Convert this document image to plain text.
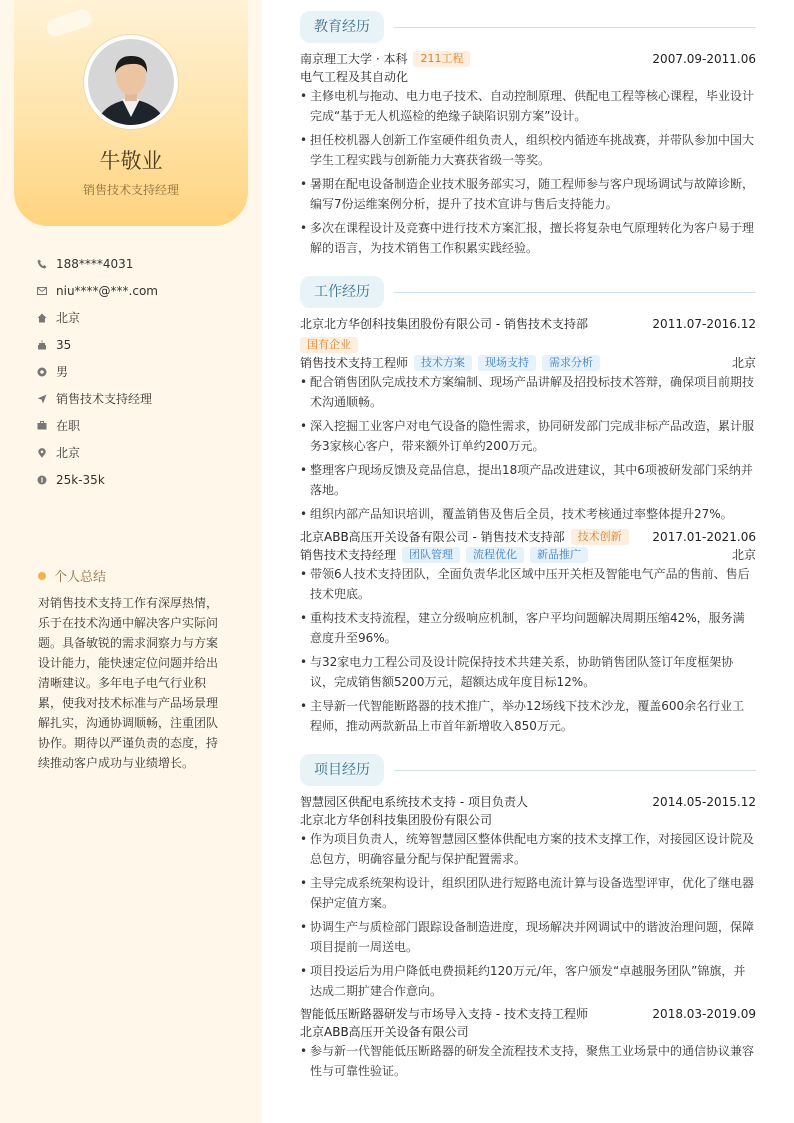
牛敬业
销售技术支持经理
188****4031
niu****@***.com
北京
35
男
销售技术支持经理
在职
北京
25k-35k
个人总结
对销售技术支持工作有深厚热情，乐于在技术沟通中解决客户实际问题。具备敏锐的需求洞察力与方案设计能力，能快速定位问题并给出清晰建议。多年电子电气行业积累，使我对技术标准与产品场景理解扎实，沟通协调顺畅，注重团队协作。期待以严谨负责的态度，持续推动客户成功与业绩增长。
教育经历
南京理工大学 · 本科 211工程	2007.09-2011.06
电气工程及其自动化
• 主修电机与拖动、电力电子技术、自动控制原理、供配电工程等核心课程，毕业设计完成“基于无人机巡检的绝缘子缺陷识别方案”设计。
• 担任校机器人创新工作室硬件组负责人，组织校内循迹车挑战赛，并带队参加中国大学生工程实践与创新能力大赛获省级一等奖。
• 暑期在配电设备制造企业技术服务部实习，随工程师参与客户现场调试与故障诊断，编写7份运维案例分析，提升了技术宣讲与售后支持能力。
• 多次在课程设计及竞赛中进行技术方案汇报，擅长将复杂电气原理转化为客户易于理解的语言，为技术销售工作积累实践经验。
工作经历
北京北方华创科技集团股份有限公司 - 销售技术支持部	2011.07-2016.12
国有企业
销售技术支持工程师 技术方案 现场支持 需求分析	北京
• 配合销售团队完成技术方案编制、现场产品讲解及招投标技术答辩，确保项目前期技术沟通顺畅。
• 深入挖掘工业客户对电气设备的隐性需求，协同研发部门完成非标产品改造，累计服务3家核心客户，带来额外订单约200万元。
• 整理客户现场反馈及竞品信息，提出18项产品改进建议，其中6项被研发部门采纳并落地。
• 组织内部产品知识培训，覆盖销售及售后全员，技术考核通过率整体提升27%。
北京ABB高压开关设备有限公司 - 销售技术支持部 技术创新	2017.01-2021.06
销售技术支持经理 团队管理 流程优化 新品推广	北京
• 带领6人技术支持团队，全面负责华北区域中压开关柜及智能电气产品的售前、售后技术兜底。
• 重构技术支持流程，建立分级响应机制，客户平均问题解决周期压缩42%，服务满意度升至96%。
• 与32家电力工程公司及设计院保持技术共建关系，协助销售团队签订年度框架协议，完成销售额5200万元，超额达成年度目标12%。
• 主导新一代智能断路器的技术推广，举办12场线下技术沙龙，覆盖600余名行业工程师，推动两款新品上市首年新增收入850万元。
项目经历
智慧园区供配电系统技术支持 - 项目负责人	2014.05-2015.12
北京北方华创科技集团股份有限公司
• 作为项目负责人，统筹智慧园区整体供配电方案的技术支撑工作，对接园区设计院及总包方，明确容量分配与保护配置需求。
• 主导完成系统架构设计，组织团队进行短路电流计算与设备选型评审，优化了继电器保护定值方案。
• 协调生产与质检部门跟踪设备制造进度，现场解决并网调试中的谐波治理问题，保障项目提前一周送电。
• 项目投运后为用户降低电费损耗约120万元/年，客户颁发“卓越服务团队”锦旗，并达成二期扩建合作意向。
智能低压断路器研发与市场导入支持 - 技术支持工程师	2018.03-2019.09
北京ABB高压开关设备有限公司
• 参与新一代智能低压断路器的研发全流程技术支持，聚焦工业场景中的通信协议兼容性与可靠性验证。
